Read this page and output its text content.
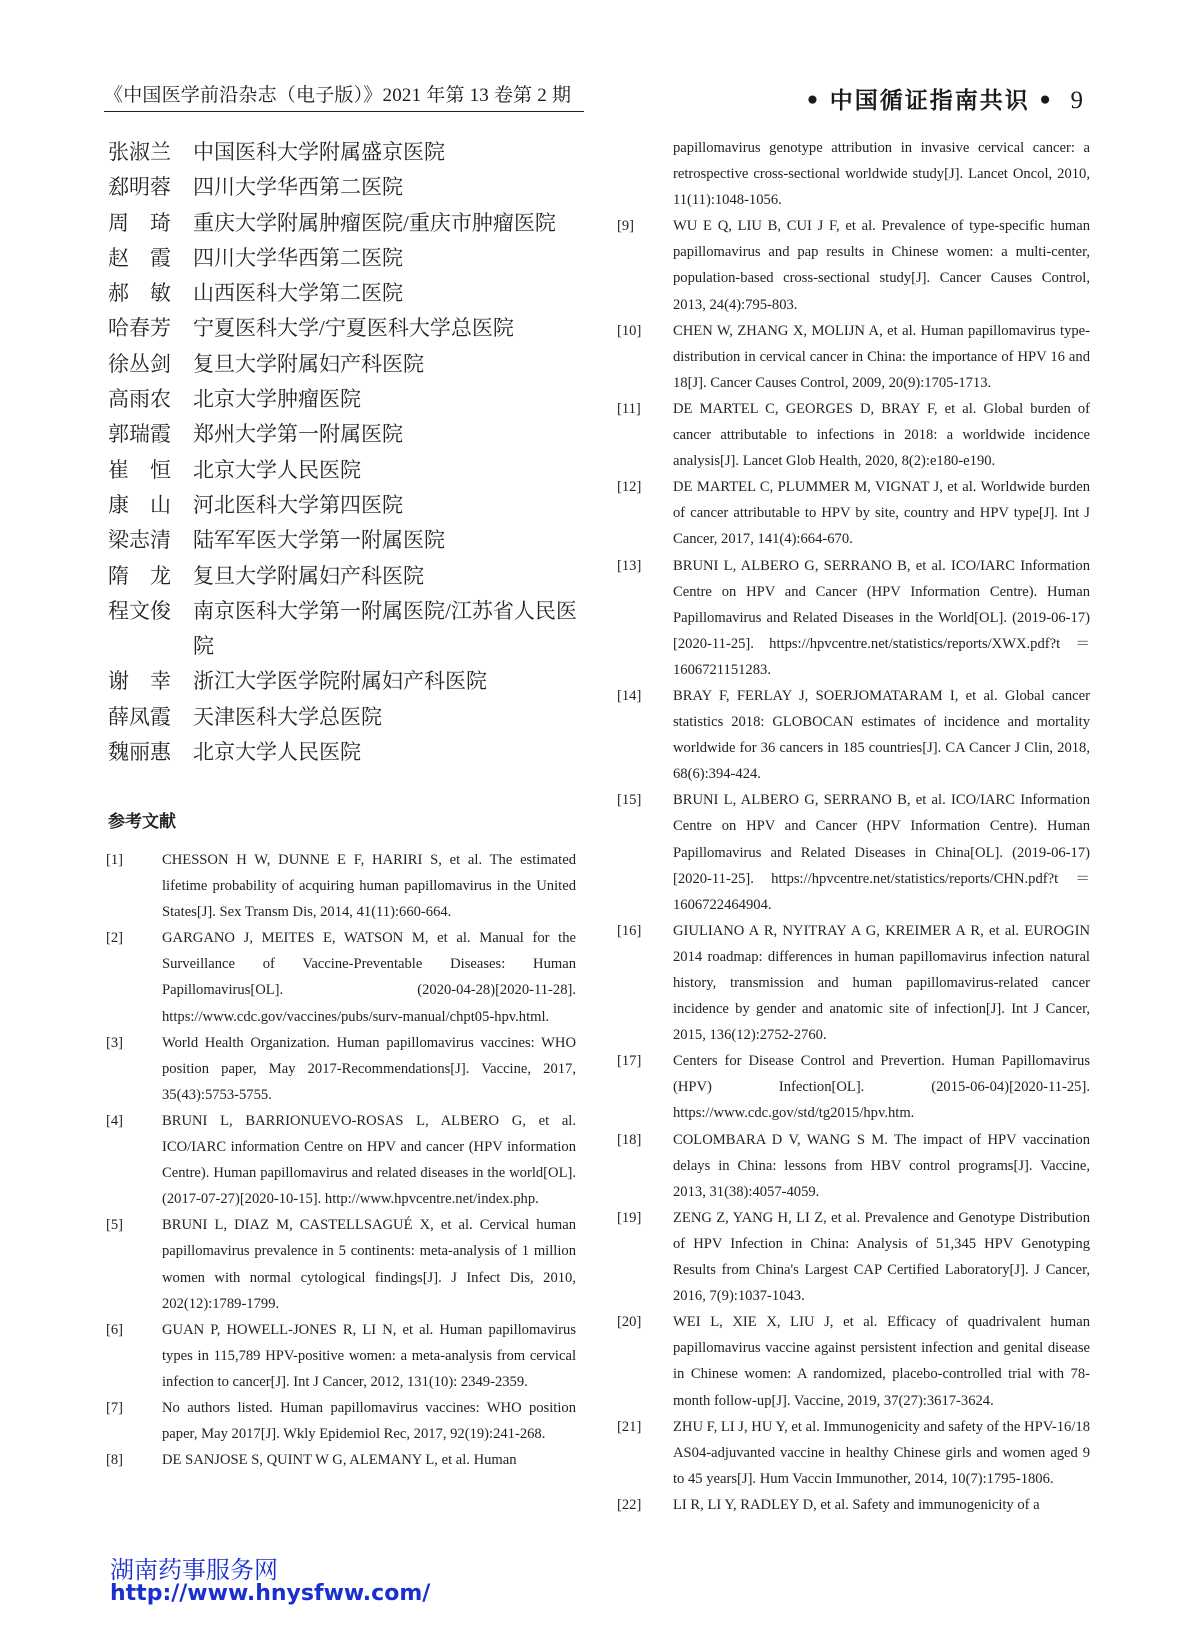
《中国医学前沿杂志（电子版）》2021 年第 13 卷第 2 期	• 中国循证指南共识 • 9
张淑兰	中国医科大学附属盛京医院
郄明蓉	四川大学华西第二医院
周　琦	重庆大学附属肿瘤医院/重庆市肿瘤医院
赵　霞	四川大学华西第二医院
郝　敏	山西医科大学第二医院
哈春芳	宁夏医科大学/宁夏医科大学总医院
徐丛剑	复旦大学附属妇产科医院
高雨农	北京大学肿瘤医院
郭瑞霞	郑州大学第一附属医院
崔　恒	北京大学人民医院
康　山	河北医科大学第四医院
梁志清	陆军军医大学第一附属医院
隋　龙	复旦大学附属妇产科医院
程文俊	南京医科大学第一附属医院/江苏省人民医院
谢　幸	浙江大学医学院附属妇产科医院
薛凤霞	天津医科大学总医院
魏丽惠	北京大学人民医院
参考文献
[1]	CHESSON H W, DUNNE E F, HARIRI S, et al. The estimated lifetime probability of acquiring human papillomavirus in the United States[J]. Sex Transm Dis, 2014, 41(11):660-664.
[2]	GARGANO J, MEITES E, WATSON M, et al. Manual for the Surveillance of Vaccine-Preventable Diseases: Human Papillomavirus[OL]. (2020-04-28)[2020-11-28]. https://www.cdc.gov/vaccines/pubs/surv-manual/chpt05-hpv.html.
[3]	World Health Organization. Human papillomavirus vaccines: WHO position paper, May 2017-Recommendations[J]. Vaccine, 2017, 35(43):5753-5755.
[4]	BRUNI L, BARRIONUEVO-ROSAS L, ALBERO G, et al. ICO/IARC information Centre on HPV and cancer (HPV information Centre). Human papillomavirus and related diseases in the world[OL]. (2017-07-27)[2020-10-15]. http://www.hpvcentre.net/index.php.
[5]	BRUNI L, DIAZ M, CASTELLSAGUÉ X, et al. Cervical human papillomavirus prevalence in 5 continents: meta-analysis of 1 million women with normal cytological findings[J]. J Infect Dis, 2010, 202(12):1789-1799.
[6]	GUAN P, HOWELL-JONES R, LI N, et al. Human papillomavirus types in 115,789 HPV-positive women: a meta-analysis from cervical infection to cancer[J]. Int J Cancer, 2012, 131(10): 2349-2359.
[7]	No authors listed. Human papillomavirus vaccines: WHO position paper, May 2017[J]. Wkly Epidemiol Rec, 2017, 92(19):241-268.
[8]	DE SANJOSE S, QUINT W G, ALEMANY L, et al. Human
papillomavirus genotype attribution in invasive cervical cancer: a retrospective cross-sectional worldwide study[J]. Lancet Oncol, 2010, 11(11):1048-1056.
[9]	WU E Q, LIU B, CUI J F, et al. Prevalence of type-specific human papillomavirus and pap results in Chinese women: a multi-center, population-based cross-sectional study[J]. Cancer Causes Control, 2013, 24(4):795-803.
[10]	CHEN W, ZHANG X, MOLIJN A, et al. Human papillomavirus type-distribution in cervical cancer in China: the importance of HPV 16 and 18[J]. Cancer Causes Control, 2009, 20(9):1705-1713.
[11]	DE MARTEL C, GEORGES D, BRAY F, et al. Global burden of cancer attributable to infections in 2018: a worldwide incidence analysis[J]. Lancet Glob Health, 2020, 8(2):e180-e190.
[12]	DE MARTEL C, PLUMMER M, VIGNAT J, et al. Worldwide burden of cancer attributable to HPV by site, country and HPV type[J]. Int J Cancer, 2017, 141(4):664-670.
[13]	BRUNI L, ALBERO G, SERRANO B, et al. ICO/IARC Information Centre on HPV and Cancer (HPV Information Centre). Human Papillomavirus and Related Diseases in the World[OL]. (2019-06-17)[2020-11-25]. https://hpvcentre.net/statistics/reports/XWX.pdf?t ＝ 1606721151283.
[14]	BRAY F, FERLAY J, SOERJOMATARAM I, et al. Global cancer statistics 2018: GLOBOCAN estimates of incidence and mortality worldwide for 36 cancers in 185 countries[J]. CA Cancer J Clin, 2018, 68(6):394-424.
[15]	BRUNI L, ALBERO G, SERRANO B, et al. ICO/IARC Information Centre on HPV and Cancer (HPV Information Centre). Human Papillomavirus and Related Diseases in China[OL]. (2019-06-17)[2020-11-25]. https://hpvcentre.net/statistics/reports/CHN.pdf?t ＝ 1606722464904.
[16]	GIULIANO A R, NYITRAY A G, KREIMER A R, et al. EUROGIN 2014 roadmap: differences in human papillomavirus infection natural history, transmission and human papillomavirus-related cancer incidence by gender and anatomic site of infection[J]. Int J Cancer, 2015, 136(12):2752-2760.
[17]	Centers for Disease Control and Prevertion. Human Papillomavirus (HPV) Infection[OL]. (2015-06-04)[2020-11-25]. https://www.cdc.gov/std/tg2015/hpv.htm.
[18]	COLOMBARA D V, WANG S M. The impact of HPV vaccination delays in China: lessons from HBV control programs[J]. Vaccine, 2013, 31(38):4057-4059.
[19]	ZENG Z, YANG H, LI Z, et al. Prevalence and Genotype Distribution of HPV Infection in China: Analysis of 51,345 HPV Genotyping Results from China's Largest CAP Certified Laboratory[J]. J Cancer, 2016, 7(9):1037-1043.
[20]	WEI L, XIE X, LIU J, et al. Efficacy of quadrivalent human papillomavirus vaccine against persistent infection and genital disease in Chinese women: A randomized, placebo-controlled trial with 78-month follow-up[J]. Vaccine, 2019, 37(27):3617-3624.
[21]	ZHU F, LI J, HU Y, et al. Immunogenicity and safety of the HPV-16/18 AS04-adjuvanted vaccine in healthy Chinese girls and women aged 9 to 45 years[J]. Hum Vaccin Immunother, 2014, 10(7):1795-1806.
[22]	LI R, LI Y, RADLEY D, et al. Safety and immunogenicity of a
湖南药事服务网
http://www.hnysfww.com/
